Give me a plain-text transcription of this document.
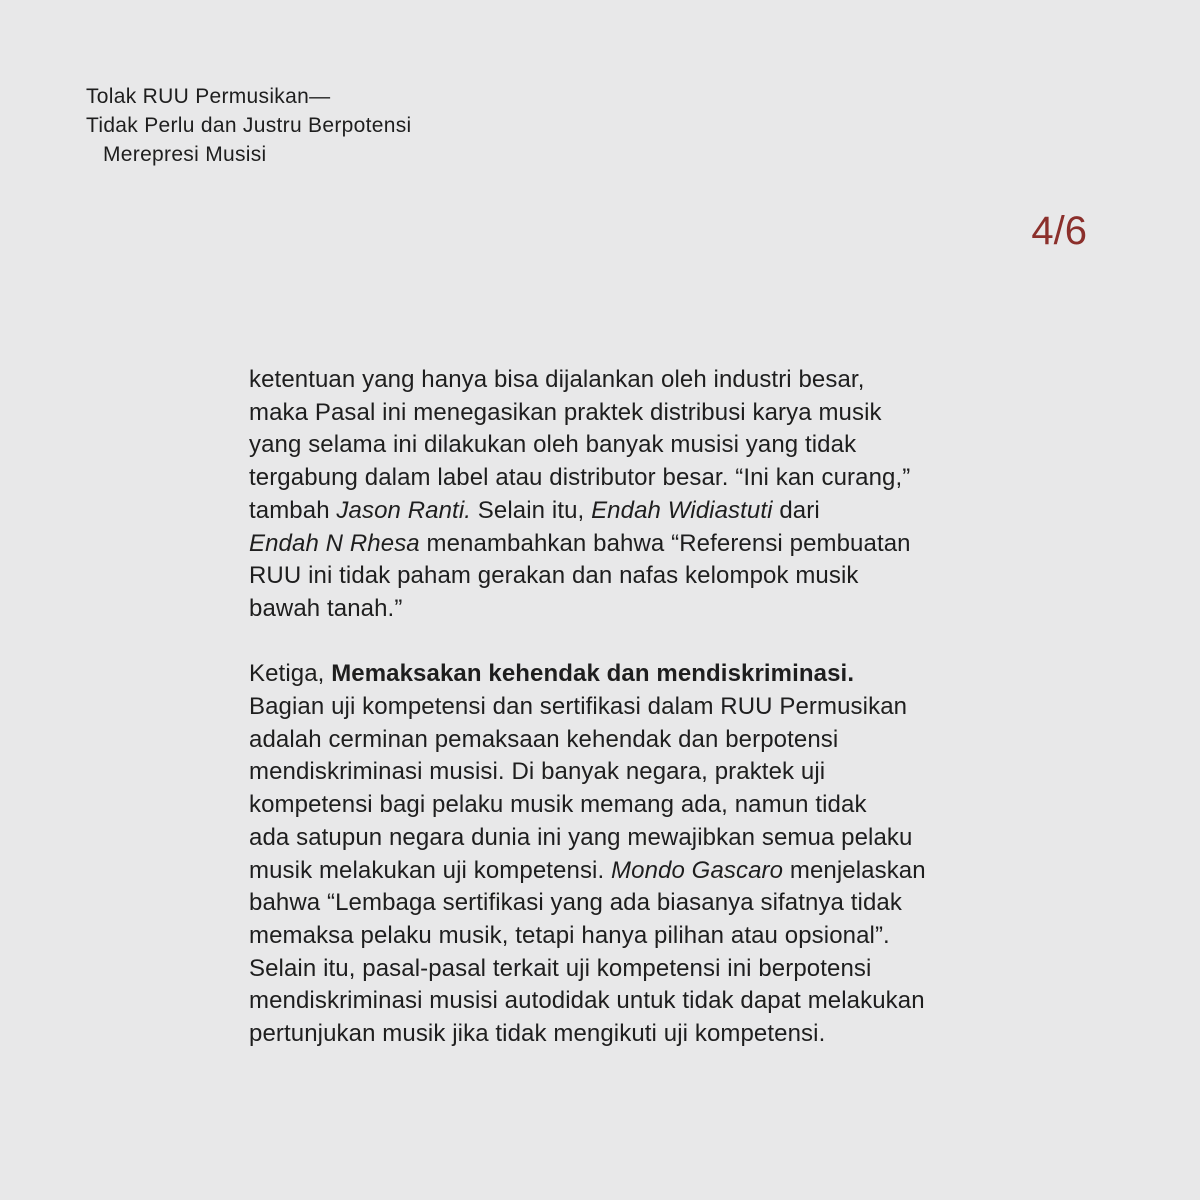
Tolak RUU Permusikan—
Tidak Perlu dan Justru Berpotensi
Merepresi Musisi
4/6

ketentuan yang hanya bisa dijalankan oleh industri besar,
maka Pasal ini menegasikan praktek distribusi karya musik
yang selama ini dilakukan oleh banyak musisi yang tidak
tergabung dalam label atau distributor besar. “Ini kan curang,”
tambah Jason Ranti. Selain itu, Endah Widiastuti dari
Endah N Rhesa menambahkan bahwa “Referensi pembuatan
RUU ini tidak paham gerakan dan nafas kelompok musik
bawah tanah.”

Ketiga, Memaksakan kehendak dan mendiskriminasi.
Bagian uji kompetensi dan sertifikasi dalam RUU Permusikan
adalah cerminan pemaksaan kehendak dan berpotensi
mendiskriminasi musisi. Di banyak negara, praktek uji
kompetensi bagi pelaku musik memang ada, namun tidak
ada satupun negara dunia ini yang mewajibkan semua pelaku
musik melakukan uji kompetensi. Mondo Gascaro menjelaskan
bahwa “Lembaga sertifikasi yang ada biasanya sifatnya tidak
memaksa pelaku musik, tetapi hanya pilihan atau opsional”.
Selain itu, pasal-pasal terkait uji kompetensi ini berpotensi
mendiskriminasi musisi autodidak untuk tidak dapat melakukan
pertunjukan musik jika tidak mengikuti uji kompetensi.
